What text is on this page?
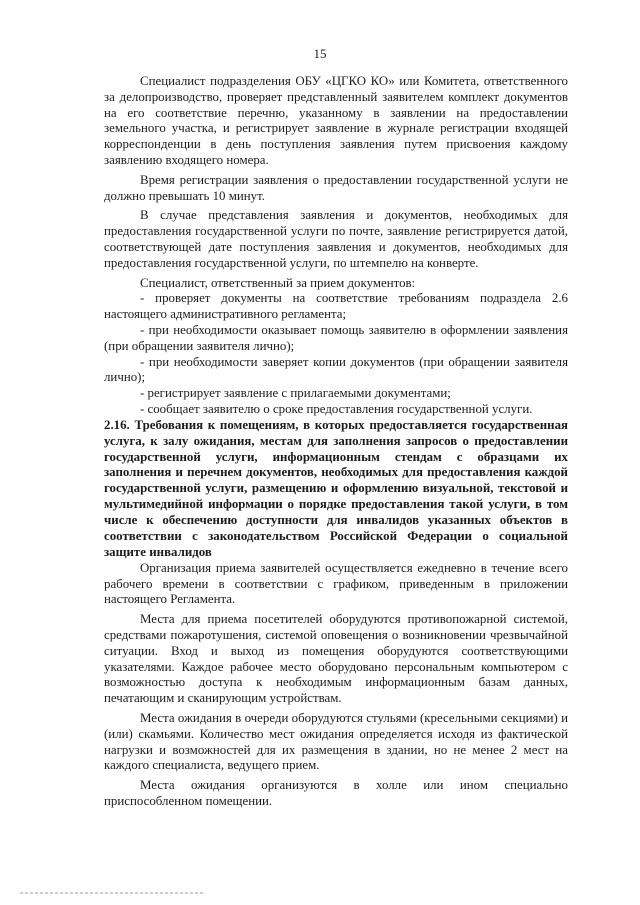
15

Специалист подразделения ОБУ «ЦГКО КО» или Комитета, ответственного за делопроизводство, проверяет представленный заявителем комплект документов на его соответствие перечню, указанному в заявлении на предоставлении земельного участка, и регистрирует заявление в журнале регистрации входящей корреспонденции в день поступления заявления путем присвоения каждому заявлению входящего номера.

Время регистрации заявления о предоставлении государственной услуги не должно превышать 10 минут.

В случае представления заявления и документов, необходимых для предоставления государственной услуги по почте, заявление регистрируется датой, соответствующей дате поступления заявления и документов, необходимых для предоставления государственной услуги, по штемпелю на конверте.

Специалист, ответственный за прием документов:

- проверяет документы на соответствие требованиям подраздела 2.6 настоящего административного регламента;

- при необходимости оказывает помощь заявителю в оформлении заявления (при обращении заявителя лично);

- при необходимости заверяет копии документов (при обращении заявителя лично);

- регистрирует заявление с прилагаемыми документами;

- сообщает заявителю о сроке предоставления государственной услуги.

2.16. Требования к помещениям, в которых предоставляется государственная услуга, к залу ожидания, местам для заполнения запросов о предоставлении государственной услуги, информационным стендам с образцами их заполнения и перечнем документов, необходимых для предоставления каждой государственной услуги, размещению и оформлению визуальной, текстовой и мультимедийной информации о порядке предоставления такой услуги, в том числе к обеспечению доступности для инвалидов указанных объектов в соответствии с законодательством Российской Федерации о социальной защите инвалидов

Организация приема заявителей осуществляется ежедневно в течение всего рабочего времени в соответствии с графиком, приведенным в приложении настоящего Регламента.

Места для приема посетителей оборудуются противопожарной системой, средствами пожаротушения, системой оповещения о возникновении чрезвычайной ситуации. Вход и выход из помещения оборудуются соответствующими указателями. Каждое рабочее место оборудовано персональным компьютером с возможностью доступа к необходимым информационным базам данных, печатающим и сканирующим устройствам.

Места ожидания в очереди оборудуются стульями (кресельными секциями) и (или) скамьями. Количество мест ожидания определяется исходя из фактической нагрузки и возможностей для их размещения в здании, но не менее 2 мест на каждого специалиста, ведущего прием.

Места ожидания организуются в холле или ином специально приспособленном помещении.
